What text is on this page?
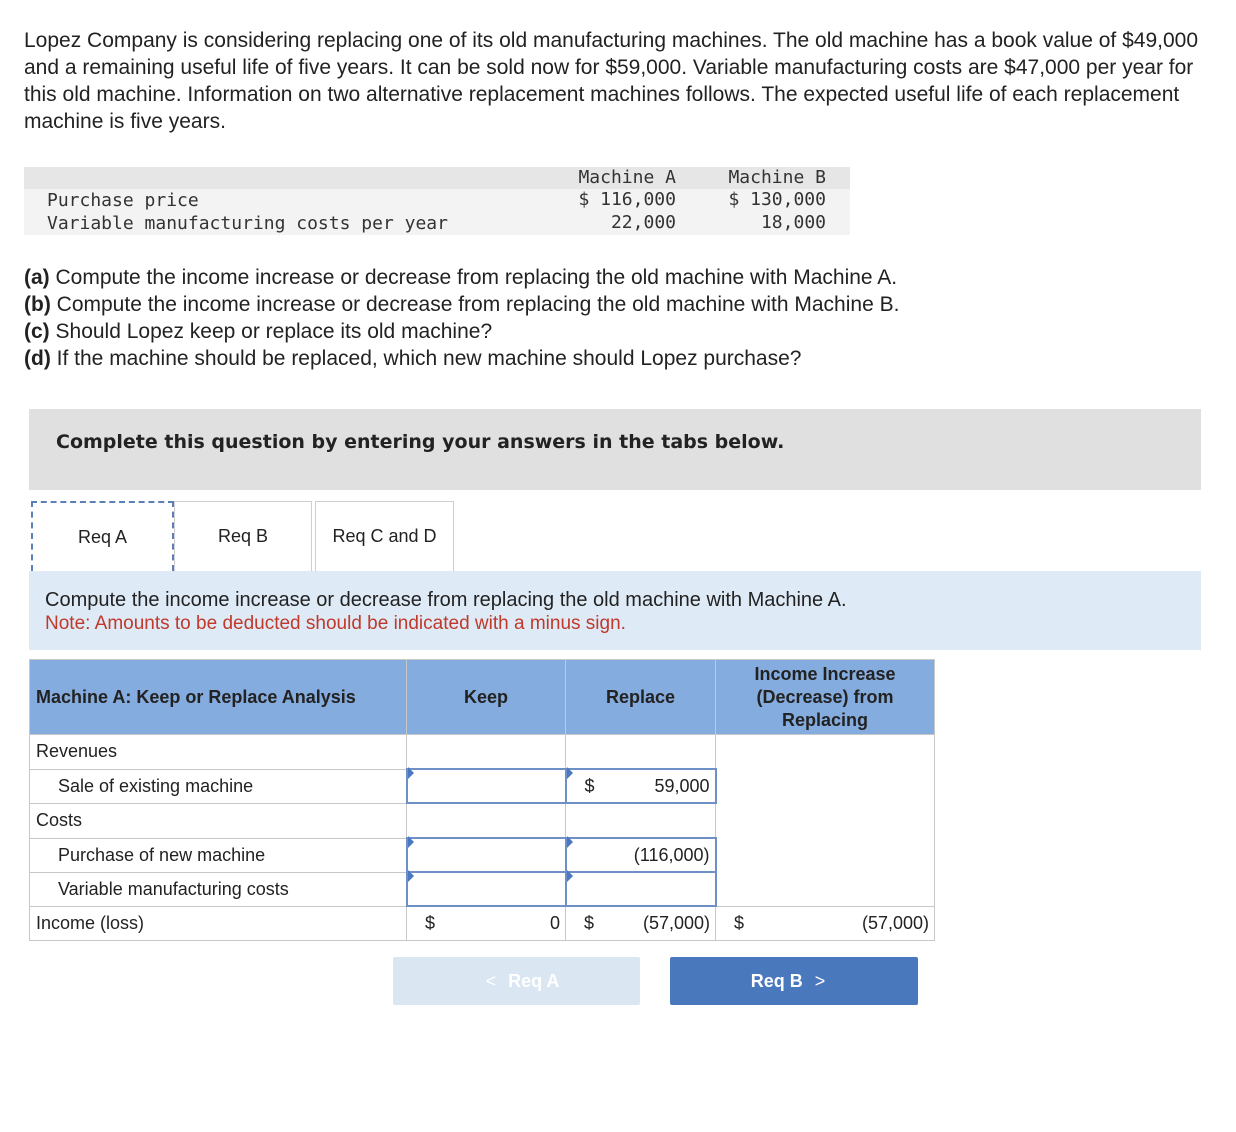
Lopez Company is considering replacing one of its old manufacturing machines. The old machine has a book value of $49,000 and a remaining useful life of five years. It can be sold now for $59,000. Variable manufacturing costs are $47,000 per year for this old machine. Information on two alternative replacement machines follows. The expected useful life of each replacement machine is five years.
Machine A	Machine B
Purchase price	$ 116,000	$ 130,000
Variable manufacturing costs per year	22,000	18,000
(a) Compute the income increase or decrease from replacing the old machine with Machine A.
(b) Compute the income increase or decrease from replacing the old machine with Machine B.
(c) Should Lopez keep or replace its old machine?
(d) If the machine should be replaced, which new machine should Lopez purchase?
Complete this question by entering your answers in the tabs below.
Req A	Req B	Req C and D
Compute the income increase or decrease from replacing the old machine with Machine A.
Note: Amounts to be deducted should be indicated with a minus sign.
Machine A: Keep or Replace Analysis	Keep	Replace	Income Increase (Decrease) from Replacing
Revenues			
Sale of existing machine		$ 59,000	

Costs			
Purchase of new machine		(116,000)	

Variable manufacturing costs			
Income (loss)	$ 0	$ (57,000)	$ (57,000)
< Req A	Req B >
